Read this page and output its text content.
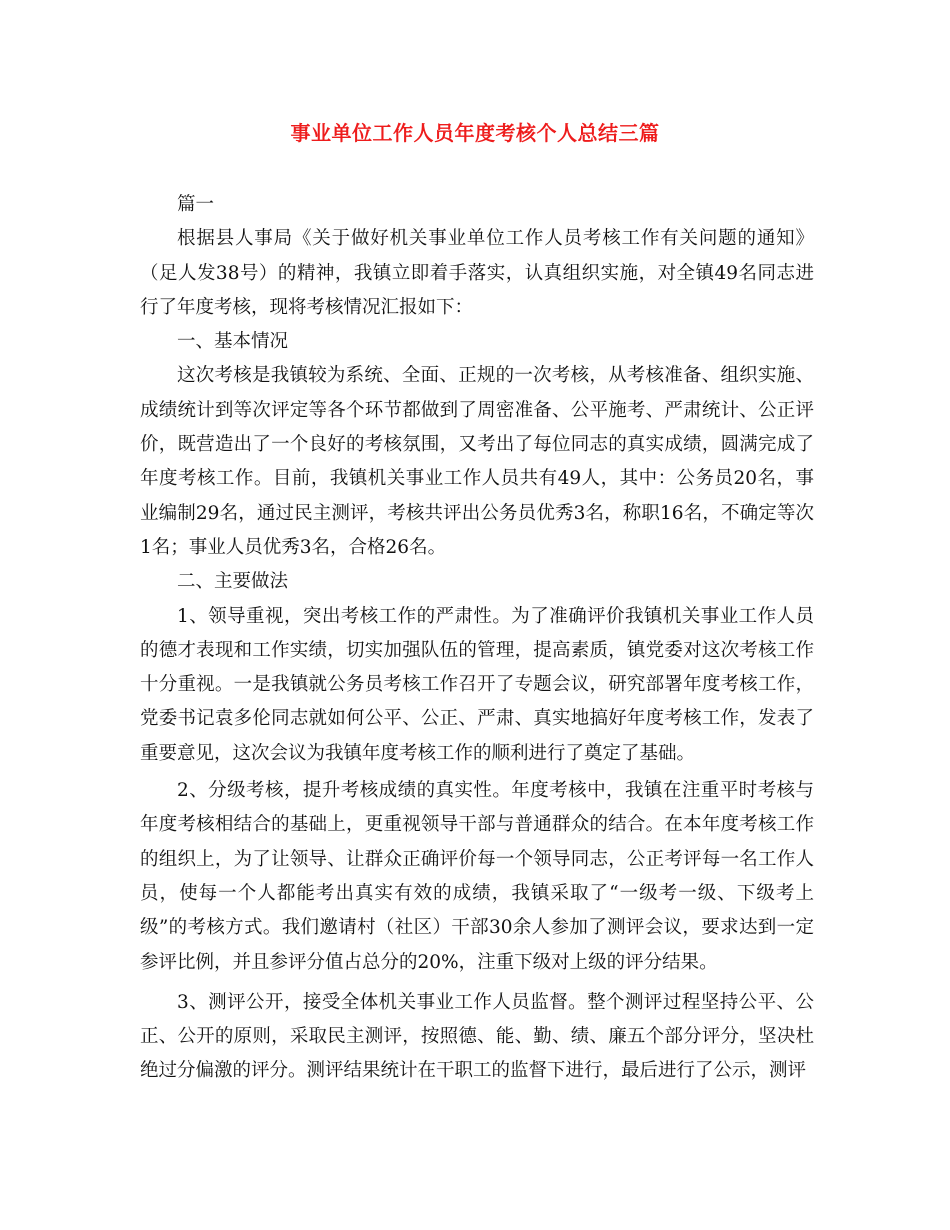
事业单位工作人员年度考核个人总结三篇

篇一

根据县人事局《关于做好机关事业单位工作人员考核工作有关问题的通知》（足人发38号）的精神，我镇立即着手落实，认真组织实施，对全镇49名同志进行了年度考核，现将考核情况汇报如下：

一、基本情况

这次考核是我镇较为系统、全面、正规的一次考核，从考核准备、组织实施、成绩统计到等次评定等各个环节都做到了周密准备、公平施考、严肃统计、公正评价，既营造出了一个良好的考核氛围，又考出了每位同志的真实成绩，圆满完成了年度考核工作。目前，我镇机关事业工作人员共有49人，其中：公务员20名，事业编制29名，通过民主测评，考核共评出公务员优秀3名，称职16名，不确定等次1名；事业人员优秀3名，合格26名。

二、主要做法

1、领导重视，突出考核工作的严肃性。为了准确评价我镇机关事业工作人员的德才表现和工作实绩，切实加强队伍的管理，提高素质，镇党委对这次考核工作十分重视。一是我镇就公务员考核工作召开了专题会议，研究部署年度考核工作，党委书记袁多伦同志就如何公平、公正、严肃、真实地搞好年度考核工作，发表了重要意见，这次会议为我镇年度考核工作的顺利进行了奠定了基础。

2、分级考核，提升考核成绩的真实性。年度考核中，我镇在注重平时考核与年度考核相结合的基础上，更重视领导干部与普通群众的结合。在本年度考核工作的组织上，为了让领导、让群众正确评价每一个领导同志，公正考评每一名工作人员，使每一个人都能考出真实有效的成绩，我镇采取了“一级考一级、下级考上级”的考核方式。我们邀请村（社区）干部30余人参加了测评会议，要求达到一定参评比例，并且参评分值占总分的20%，注重下级对上级的评分结果。

3、测评公开，接受全体机关事业工作人员监督。整个测评过程坚持公平、公正、公开的原则，采取民主测评，按照德、能、勤、绩、廉五个部分评分，坚决杜绝过分偏激的评分。测评结果统计在干职工的监督下进行，最后进行了公示，测评
